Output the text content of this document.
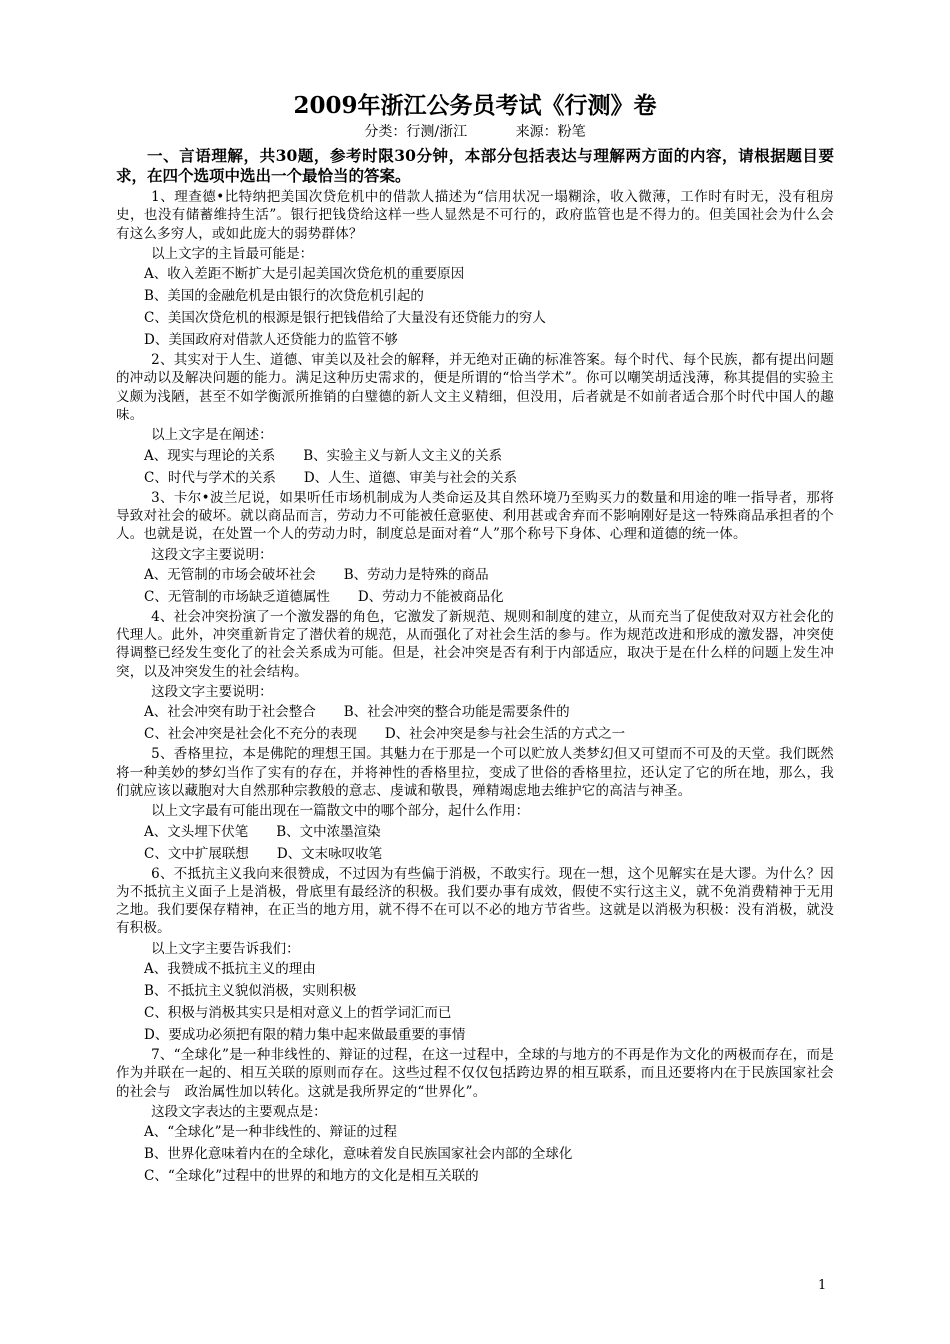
2009年浙江公务员考试《行测》卷

分类：行测/浙江	来源：粉笔

一、言语理解，共30题，参考时限30分钟，本部分包括表达与理解两方面的内容，请根据题目要求，在四个选项中选出一个最恰当的答案。

1、理查德•比特纳把美国次贷危机中的借款人描述为“信用状况一塌糊涂，收入微薄，工作时有时无，没有租房史，也没有储蓄维持生活”。银行把钱贷给这样一些人显然是不可行的，政府监管也是不得力的。但美国社会为什么会有这么多穷人，或如此庞大的弱势群体？

以上文字的主旨最可能是：

A、收入差距不断扩大是引起美国次贷危机的重要原因

B、美国的金融危机是由银行的次贷危机引起的

C、美国次贷危机的根源是银行把钱借给了大量没有还贷能力的穷人

D、美国政府对借款人还贷能力的监管不够

2、其实对于人生、道德、审美以及社会的解释，并无绝对正确的标准答案。每个时代、每个民族，都有提出问题的冲动以及解决问题的能力。满足这种历史需求的，便是所谓的“恰当学术”。你可以嘲笑胡适浅薄，称其提倡的实验主义颇为浅陋，甚至不如学衡派所推销的白璧德的新人文主义精细，但没用，后者就是不如前者适合那个时代中国人的趣味。

以上文字是在阐述：

A、现实与理论的关系 B、实验主义与新人文主义的关系

C、时代与学术的关系 D、人生、道德、审美与社会的关系

3、卡尔•波兰尼说，如果听任市场机制成为人类命运及其自然环境乃至购买力的数量和用途的唯一指导者，那将导致对社会的破坏。就以商品而言，劳动力不可能被任意驱使、利用甚或舍弃而不影响刚好是这一特殊商品承担者的个人。也就是说，在处置一个人的劳动力时，制度总是面对着“人”那个称号下身体、心理和道德的统一体。

这段文字主要说明：

A、无管制的市场会破坏社会 B、劳动力是特殊的商品

C、无管制的市场缺乏道德属性 D、劳动力不能被商品化

4、社会冲突扮演了一个激发器的角色，它激发了新规范、规则和制度的建立，从而充当了促使敌对双方社会化的代理人。此外，冲突重新肯定了潜伏着的规范，从而强化了对社会生活的参与。作为规范改进和形成的激发器，冲突使得调整已经发生变化了的社会关系成为可能。但是，社会冲突是否有利于内部适应，取决于是在什么样的问题上发生冲突，以及冲突发生的社会结构。

这段文字主要说明：

A、社会冲突有助于社会整合 B、社会冲突的整合功能是需要条件的

C、社会冲突是社会化不充分的表现 D、社会冲突是参与社会生活的方式之一

5、香格里拉，本是佛陀的理想王国。其魅力在于那是一个可以贮放人类梦幻但又可望而不可及的天堂。我们既然将一种美妙的梦幻当作了实有的存在，并将神性的香格里拉，变成了世俗的香格里拉，还认定了它的所在地，那么，我们就应该以藏胞对大自然那种宗教般的意志、虔诚和敬畏，殚精竭虑地去维护它的高洁与神圣。

以上文字最有可能出现在一篇散文中的哪个部分，起什么作用：

A、文头埋下伏笔 B、文中浓墨渲染

C、文中扩展联想 D、文末咏叹收笔

6、不抵抗主义我向来很赞成，不过因为有些偏于消极，不敢实行。现在一想，这个见解实在是大谬。为什么？因为不抵抗主义面子上是消极，骨底里有最经济的积极。我们要办事有成效，假使不实行这主义，就不免消费精神于无用之地。我们要保存精神，在正当的地方用，就不得不在可以不必的地方节省些。这就是以消极为积极：没有消极，就没有积极。

以上文字主要告诉我们：

A、我赞成不抵抗主义的理由

B、不抵抗主义貌似消极，实则积极

C、积极与消极其实只是相对意义上的哲学词汇而已

D、要成功必须把有限的精力集中起来做最重要的事情

7、“全球化”是一种非线性的、辩证的过程，在这一过程中，全球的与地方的不再是作为文化的两极而存在，而是作为并联在一起的、相互关联的原则而存在。这些过程不仅仅包括跨边界的相互联系，而且还要将内在于民族国家社会的社会与　政治属性加以转化。这就是我所界定的“世界化”。

这段文字表达的主要观点是：

A、“全球化”是一种非线性的、辩证的过程

B、世界化意味着内在的全球化，意味着发自民族国家社会内部的全球化

C、“全球化”过程中的世界的和地方的文化是相互关联的

1
